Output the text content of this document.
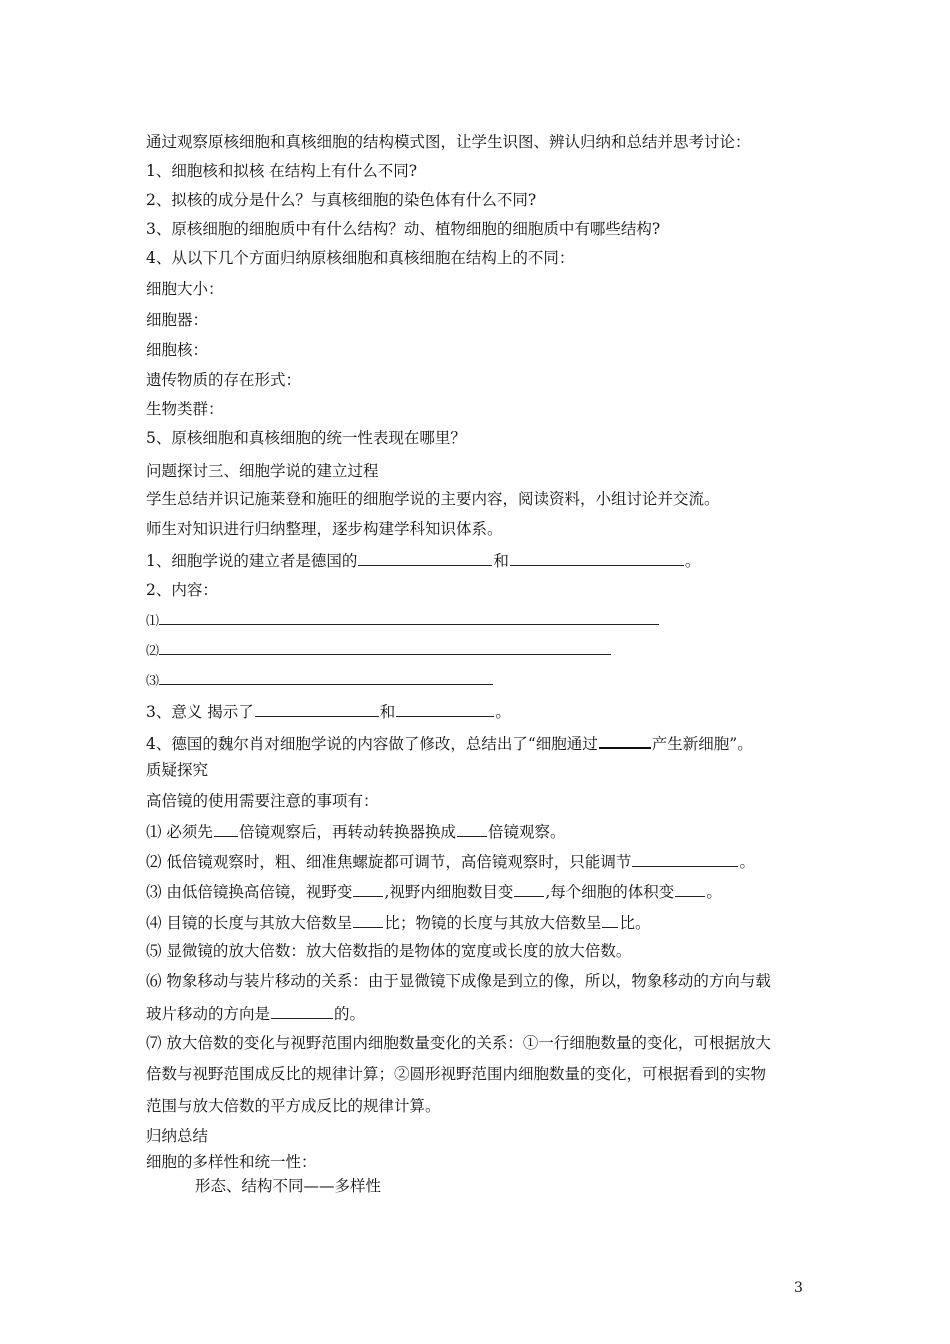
通过观察原核细胞和真核细胞的结构模式图，让学生识图、辨认归纳和总结并思考讨论：
1、细胞核和拟核 在结构上有什么不同?
2、拟核的成分是什么？与真核细胞的染色体有什么不同?
3、原核细胞的细胞质中有什么结构？动、植物细胞的细胞质中有哪些结构?
4、从以下几个方面归纳原核细胞和真核细胞在结构上的不同：
细胞大小：
细胞器：
细胞核：
遗传物质的存在形式：
生物类群：
5、原核细胞和真核细胞的统一性表现在哪里？
问题探讨三、细胞学说的建立过程
学生总结并识记施莱登和施旺的细胞学说的主要内容，阅读资料，小组讨论并交流。
师生对知识进行归纳整理，逐步构建学科知识体系。
1、细胞学说的建立者是德国的	和	。
2、内容：
⑴
⑵
⑶
3、意义 揭示了	和	。
4、德国的魏尔肖对细胞学说的内容做了修改，总结出了“细胞通过	产生新细胞”。
质疑探究
高倍镜的使用需要注意的事项有：
⑴ 必须先 倍镜观察后，再转动转换器换成 倍镜观察。
⑵ 低倍镜观察时，粗、细准焦螺旋都可调节，高倍镜观察时，只能调节	。
⑶ 由低倍镜换高倍镜，视野变 ,视野内细胞数目变 ,每个细胞的体积变 。
⑷ 目镜的长度与其放大倍数呈 比；物镜的长度与其放大倍数呈 比。
⑸ 显微镜的放大倍数：放大倍数指的是物体的宽度或长度的放大倍数。
⑹ 物象移动与装片移动的关系：由于显微镜下成像是到立的像，所以，物象移动的方向与载
玻片移动的方向是	的。
⑺ 放大倍数的变化与视野范围内细胞数量变化的关系：①一行细胞数量的变化，可根据放大
倍数与视野范围成反比的规律计算；②圆形视野范围内细胞数量的变化，可根据看到的实物
范围与放大倍数的平方成反比的规律计算。
归纳总结
细胞的多样性和统一性：
形态、结构不同——多样性
3
